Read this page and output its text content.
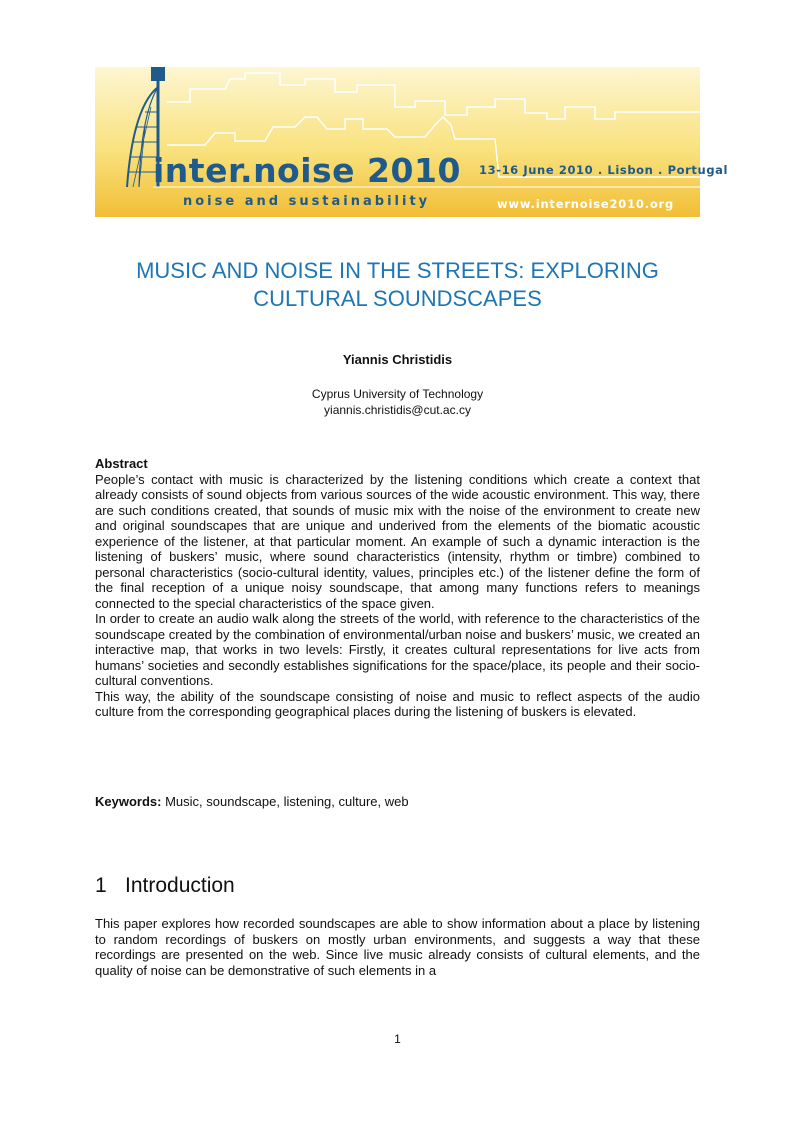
inter.noise 2010
noise and sustainability
13-16 June 2010 . Lisbon . Portugal
www.internoise2010.org
MUSIC AND NOISE IN THE STREETS: EXPLORING
CULTURAL SOUNDSCAPES
Yiannis Christidis
Cyprus University of Technology
yiannis.christidis@cut.ac.cy
Abstract

People’s contact with music is characterized by the listening conditions which create a context that already consists of sound objects from various sources of the wide acoustic environment. This way, there are such conditions created, that sounds of music mix with the noise of the environment to create new and original soundscapes that are unique and underived from the elements of the biomatic acoustic experience of the listener, at that particular moment. An example of such a dynamic interaction is the listening of buskers’ music, where sound characteristics (intensity, rhythm or timbre) combined to personal characteristics (socio-cultural identity, values, principles etc.) of the listener define the form of the final reception of a unique noisy soundscape, that among many functions refers to meanings connected to the special characteristics of the space given.

In order to create an audio walk along the streets of the world, with reference to the characteristics of the soundscape created by the combination of environmental/urban noise and buskers’ music, we created an interactive map, that works in two levels: Firstly, it creates cultural representations for live acts from humans’ societies and secondly establishes significations for the space/place, its people and their socio-cultural conventions.

This way, the ability of the soundscape consisting of noise and music to reflect aspects of the audio culture from the corresponding geographical places during the listening of buskers is elevated.

Keywords: Music, soundscape, listening, culture, web
1 Introduction

This paper explores how recorded soundscapes are able to show information about a place by listening to random recordings of buskers on mostly urban environments, and suggests a way that these recordings are presented on the web. Since live music already consists of cultural elements, and the quality of noise can be demonstrative of such elements in a

1
